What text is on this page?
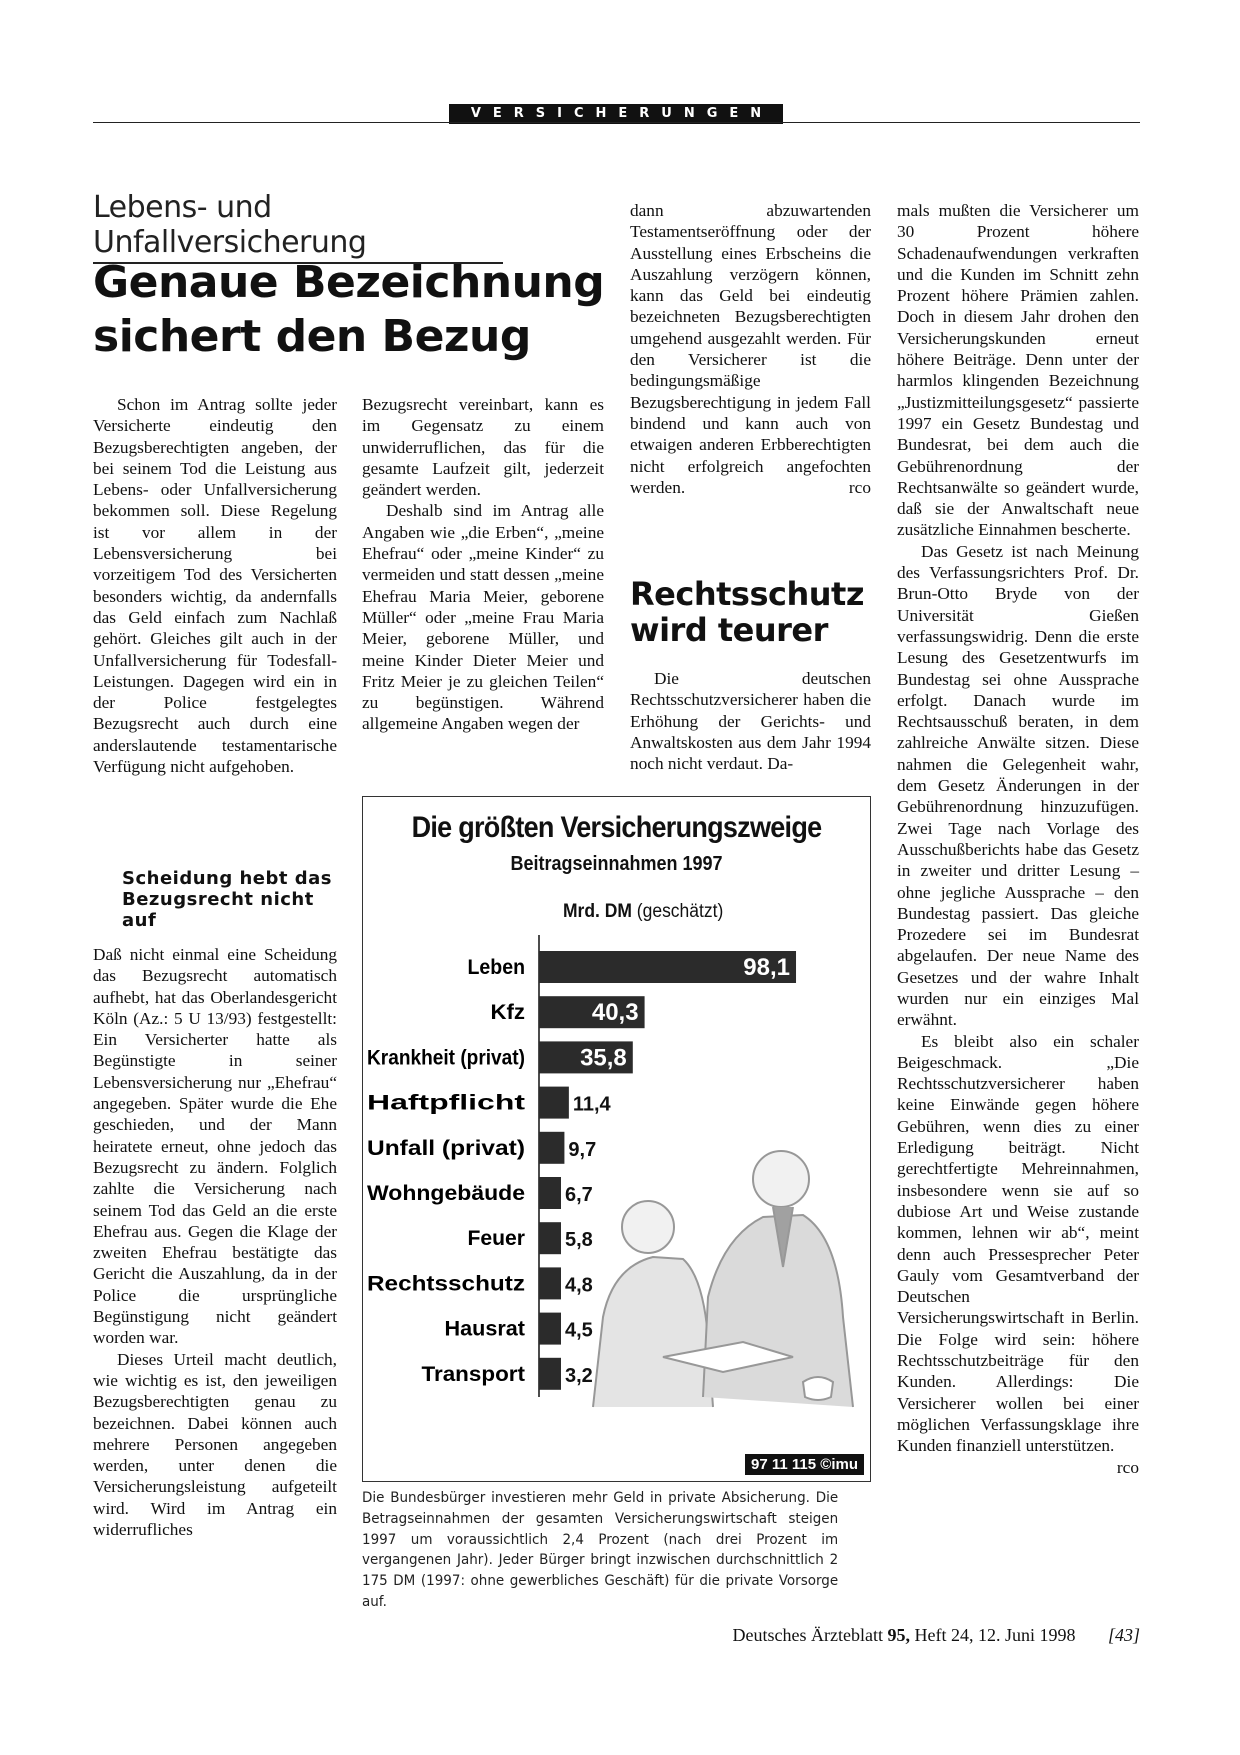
VERSICHERUNGEN
Lebens- und Unfallversicherung
Genaue Bezeichnung sichert den Bezug

Schon im Antrag sollte jeder Versicherte eindeutig den Bezugsberechtigten angeben, der bei seinem Tod die Leistung aus Lebens- oder Unfallversicherung bekommen soll. Diese Regelung ist vor allem in der Lebensversicherung bei vorzeitigem Tod des Versicherten besonders wichtig, da andernfalls das Geld einfach zum Nachlaß gehört. Gleiches gilt auch in der Unfallversicherung für Todesfall-Leistungen. Dagegen wird ein in der Police festgelegtes Bezugsrecht auch durch eine anderslautende testamentarische Verfügung nicht aufgehoben.

Scheidung hebt das Bezugsrecht nicht auf

Daß nicht einmal eine Scheidung das Bezugsrecht automatisch aufhebt, hat das Oberlandesgericht Köln (Az.: 5 U 13/93) festgestellt: Ein Versicherter hatte als Begünstigte in seiner Lebensversicherung nur „Ehefrau“ angegeben. Später wurde die Ehe geschieden, und der Mann heiratete erneut, ohne jedoch das Bezugsrecht zu ändern. Folglich zahlte die Versicherung nach seinem Tod das Geld an die erste Ehefrau aus. Gegen die Klage der zweiten Ehefrau bestätigte das Gericht die Auszahlung, da in der Police die ursprüngliche Begünstigung nicht geändert worden war.

Dieses Urteil macht deutlich, wie wichtig es ist, den jeweiligen Bezugsberechtigten genau zu bezeichnen. Dabei können auch mehrere Personen angegeben werden, unter denen die Versicherungsleistung aufgeteilt wird. Wird im Antrag ein widerrufliches

Bezugsrecht vereinbart, kann es im Gegensatz zu einem unwiderruflichen, das für die gesamte Laufzeit gilt, jederzeit geändert werden.

Deshalb sind im Antrag alle Angaben wie „die Erben“, „meine Ehefrau“ oder „meine Kinder“ zu vermeiden und statt dessen „meine Ehefrau Maria Meier, geborene Müller“ oder „meine Frau Maria Meier, geborene Müller, und meine Kinder Dieter Meier und Fritz Meier je zu gleichen Teilen“ zu begünstigen. Während allgemeine Angaben wegen der

dann abzuwartenden Testamentseröffnung oder der Ausstellung eines Erbscheins die Auszahlung verzögern können, kann das Geld bei eindeutig bezeichneten Bezugsberechtigten umgehend ausgezahlt werden. Für den Versicherer ist die bedingungsmäßige Bezugsberechtigung in jedem Fall bindend und kann auch von etwaigen anderen Erbberechtigten nicht erfolgreich angefochten werden.	rco

Rechtsschutz wird teurer

Die deutschen Rechtsschutzversicherer haben die Erhöhung der Gerichts- und Anwaltskosten aus dem Jahr 1994 noch nicht verdaut. Da-

mals mußten die Versicherer um 30 Prozent höhere Schadenaufwendungen verkraften und die Kunden im Schnitt zehn Prozent höhere Prämien zahlen. Doch in diesem Jahr drohen den Versicherungskunden erneut höhere Beiträge. Denn unter der harmlos klingenden Bezeichnung „Justizmitteilungsgesetz“ passierte 1997 ein Gesetz Bundestag und Bundesrat, bei dem auch die Gebührenordnung der Rechtsanwälte so geändert wurde, daß sie der Anwaltschaft neue zusätzliche Einnahmen bescherte.

Das Gesetz ist nach Meinung des Verfassungsrichters Prof. Dr. Brun-Otto Bryde von der Universität Gießen verfassungswidrig. Denn die erste Lesung des Gesetzentwurfs im Bundestag sei ohne Aussprache erfolgt. Danach wurde im Rechtsausschuß beraten, in dem zahlreiche Anwälte sitzen. Diese nahmen die Gelegenheit wahr, dem Gesetz Änderungen in der Gebührenordnung hinzuzufügen. Zwei Tage nach Vorlage des Ausschußberichts habe das Gesetz in zweiter und dritter Lesung – ohne jegliche Aussprache – den Bundestag passiert. Das gleiche Prozedere sei im Bundesrat abgelaufen. Der neue Name des Gesetzes und der wahre Inhalt wurden nur ein einziges Mal erwähnt.

Es bleibt also ein schaler Beigeschmack. „Die Rechtsschutzversicherer haben keine Einwände gegen höhere Gebühren, wenn dies zu einer Erledigung beiträgt. Nicht gerechtfertigte Mehreinnahmen, insbesondere wenn sie auf so dubiose Art und Weise zustande kommen, lehnen wir ab“, meint denn auch Pressesprecher Peter Gauly vom Gesamtverband der Deutschen Versicherungswirtschaft in Berlin. Die Folge wird sein: höhere Rechtsschutzbeiträge für den Kunden. Allerdings: Die Versicherer wollen bei einer möglichen Verfassungsklage ihre Kunden finanziell unterstützen.
rco

Die größten Versicherungszweige
Beitragseinnahmen 1997
Mrd. DM (geschätzt)
Leben	98,1
Kfz	40,3
Krankheit (privat) 35,8
Haftpflicht 11,4
Unfall (privat) 9,7
Wohngebäude 6,7
Feuer 5,8
Rechtsschutz 4,8
Hausrat 4,5
Transport 3,2
97 11 115 ©imu
Die Bundesbürger investieren mehr Geld in private Absicherung. Die Betragseinnahmen der gesamten Versicherungswirtschaft steigen 1997 um voraussichtlich 2,4 Prozent (nach drei Prozent im vergangenen Jahr). Jeder Bürger bringt inzwischen durchschnittlich 2 175 DM (1997: ohne gewerbliches Geschäft) für die private Vorsorge auf.
Deutsches Ärzteblatt 95, Heft 24, 12. Juni 1998 [43]
